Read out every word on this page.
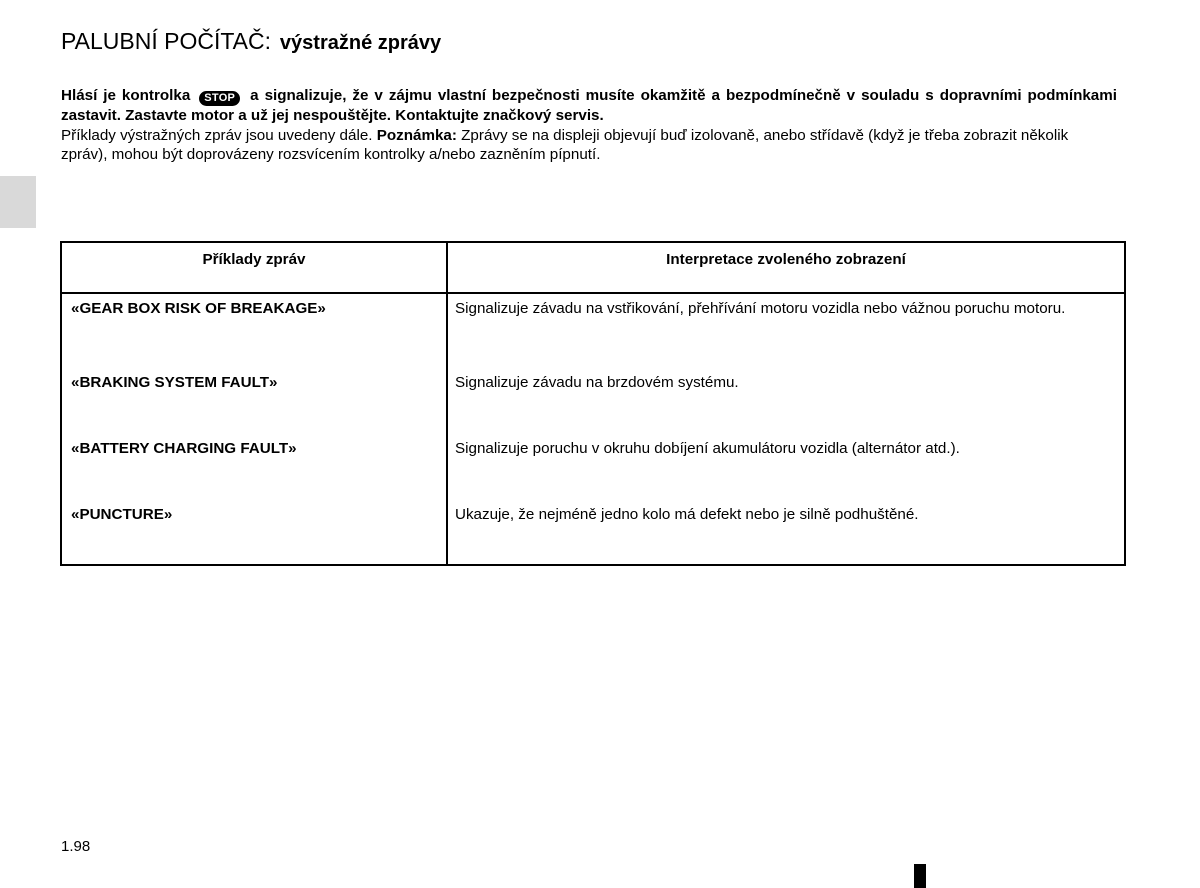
PALUBNÍ POČÍTAČ: výstražné zprávy

Hlásí je kontrolka STOP a signalizuje, že v zájmu vlastní bezpečnosti musíte okamžitě a bezpodmínečně v souladu s dopravními podmínkami zastavit. Zastavte motor a už jej nespouštějte. Kontaktujte značkový servis.

Příklady výstražných zpráv jsou uvedeny dále. Poznámka: Zprávy se na displeji objevují buď izolovaně, anebo střídavě (když je třeba zobrazit několik zpráv), mohou být doprovázeny rozsvícením kontrolky a/nebo zazněním pípnutí.

Příklady zpráv	Interpretace zvoleného zobrazení
«GEAR BOX RISK OF BREAKAGE»	Signalizuje závadu na vstřikování, přehřívání motoru vozidla nebo vážnou poruchu motoru.
«BRAKING SYSTEM FAULT»	Signalizuje závadu na brzdovém systému.
«BATTERY CHARGING FAULT»	Signalizuje poruchu v okruhu dobíjení akumulátoru vozidla (alternátor atd.).
«PUNCTURE»	Ukazuje, že nejméně jedno kolo má defekt nebo je silně podhuštěné.
1.98
